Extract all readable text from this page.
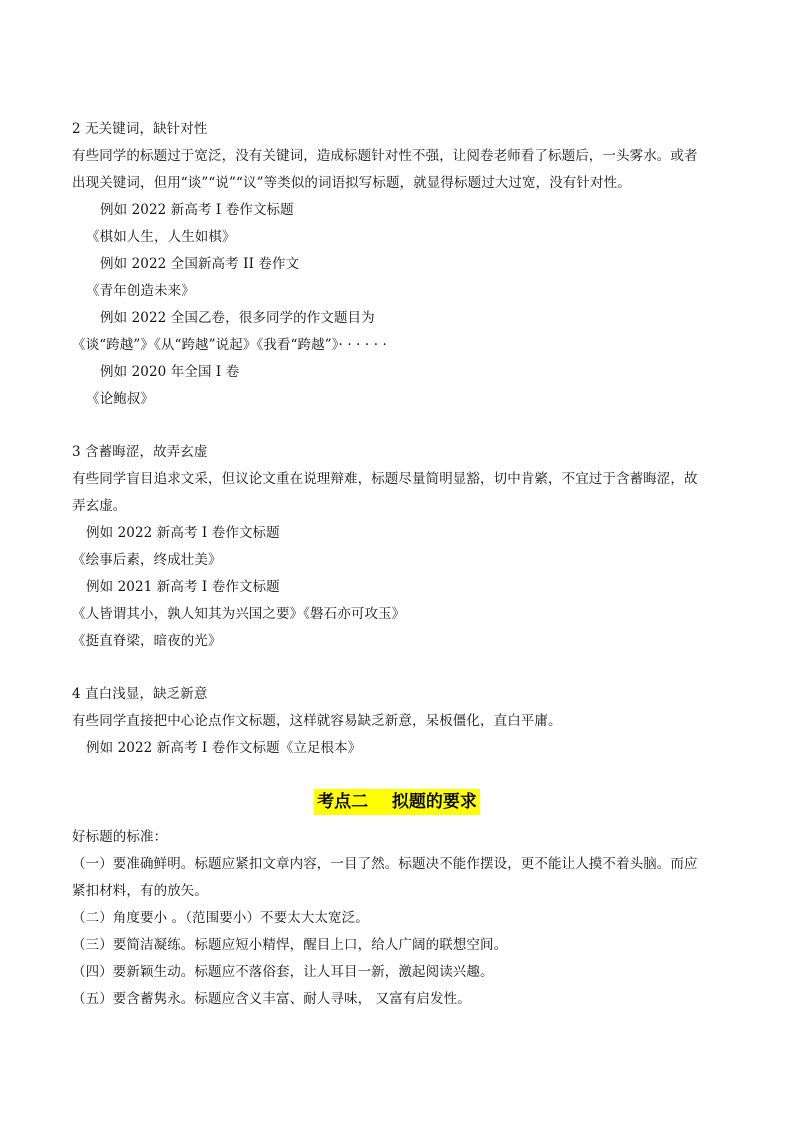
2 无关键词，缺针对性
有些同学的标题过于宽泛，没有关键词，造成标题针对性不强，让阅卷老师看了标题后，一头雾水。或者
出现关键词，但用“谈”“说”“议”等类似的词语拟写标题，就显得标题过大过宽，没有针对性。
例如 2022 新高考 I 卷作文标题
《棋如人生，人生如棋》
例如 2022 全国新高考 II 卷作文
《青年创造未来》
例如 2022 全国乙卷，很多同学的作文题目为
《谈“跨越”》《从“跨越”说起》《我看“跨越”》· · · · · ·
例如 2020 年全国 I 卷
《论鲍叔》
3 含蓄晦涩，故弄玄虚
有些同学盲目追求文采，但议论文重在说理辩难，标题尽量简明显豁，切中肯綮，不宜过于含蓄晦涩，故
弄玄虚。
例如 2022 新高考 I 卷作文标题
《绘事后素，终成壮美》
例如 2021 新高考 I 卷作文标题
《人皆谓其小，孰人知其为兴国之要》《磐石亦可攻玉》
《挺直脊梁，暗夜的光》
4 直白浅显，缺乏新意
有些同学直接把中心论点作文标题，这样就容易缺乏新意，呆板僵化，直白平庸。
例如 2022 新高考 I 卷作文标题《立足根本》
考点二    拟题的要求
好标题的标准：
（一）要准确鲜明。标题应紧扣文章内容，一目了然。标题决不能作摆设，更不能让人摸不着头脑。而应
紧扣材料，有的放矢。
（二）角度要小 。（范围要小）不要太大太宽泛。
（三）要简洁凝练。标题应短小精悍，醒目上口，给人广阔的联想空间。
（四）要新颖生动。标题应不落俗套，让人耳目一新，激起阅读兴趣。
（五）要含蓄隽永。标题应含义丰富、耐人寻味， 又富有启发性。
